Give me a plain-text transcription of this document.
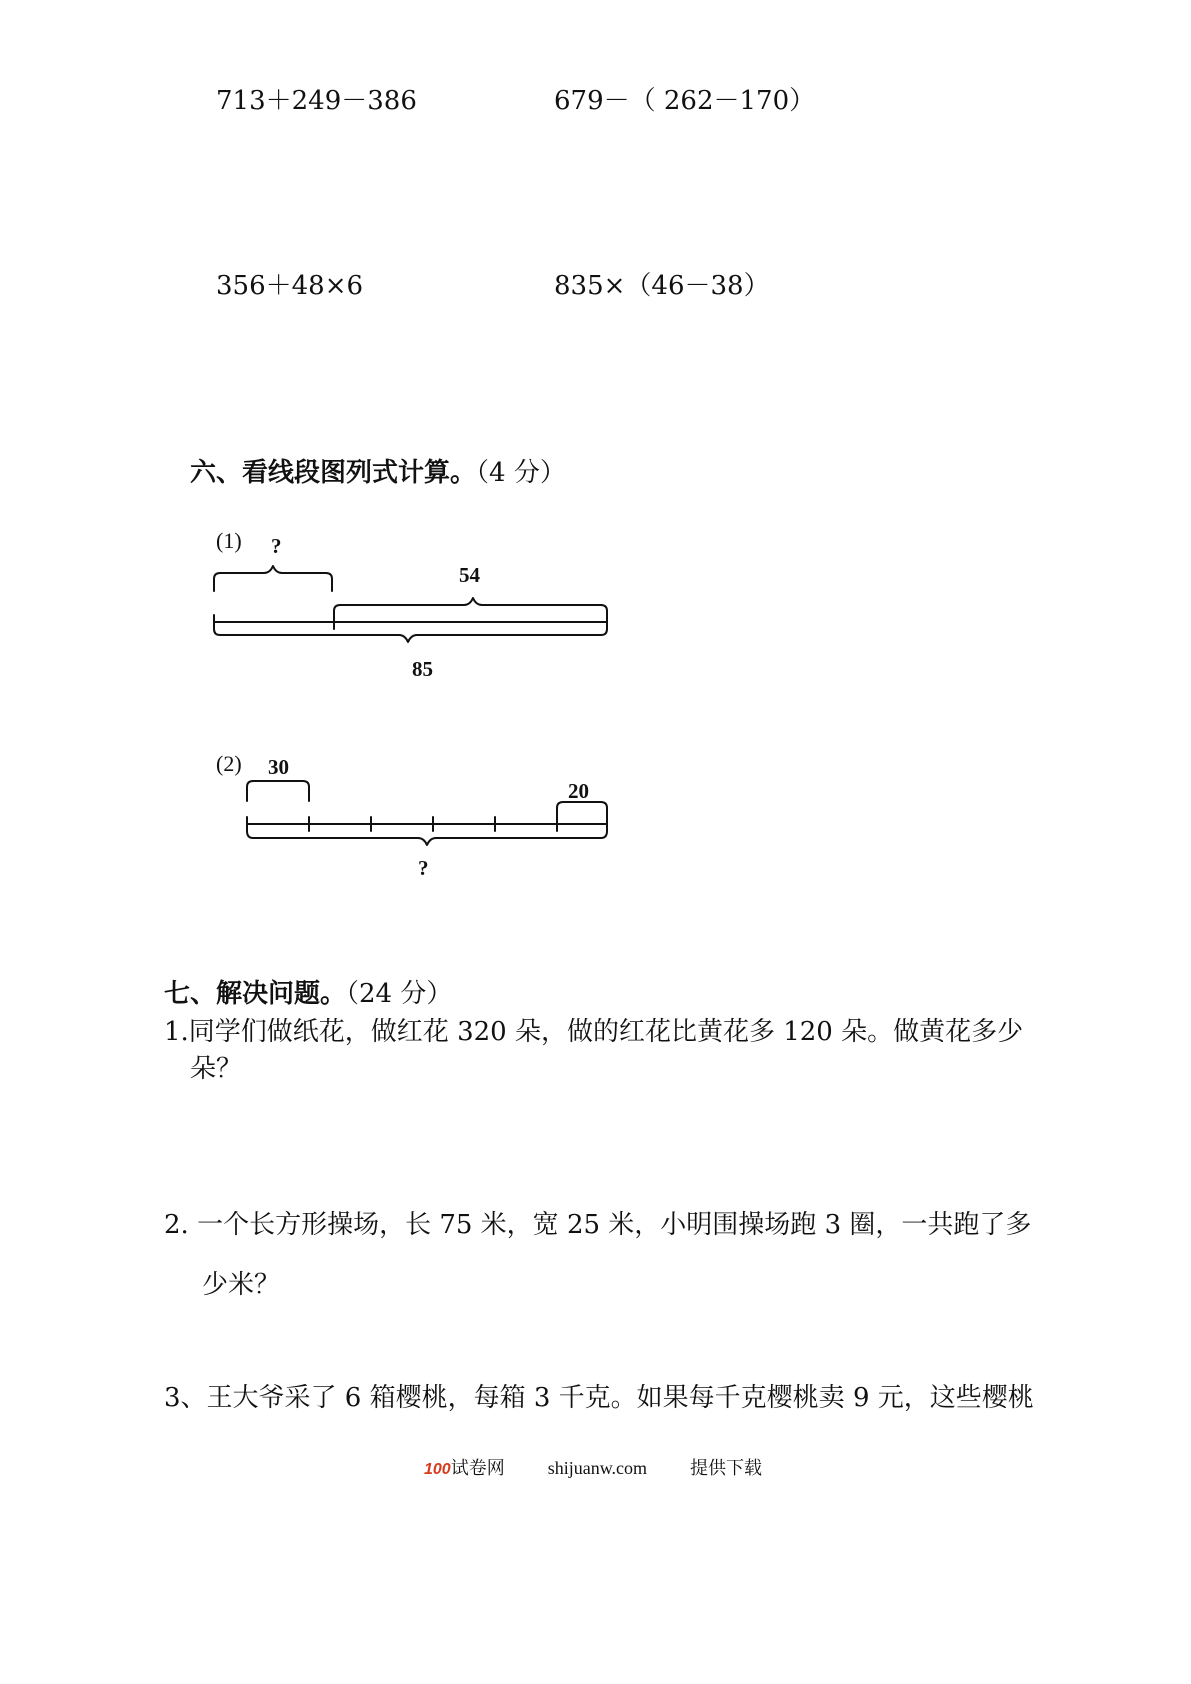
713＋249－386	679－（ 262－170）
356＋48×6	835×（46－38）
六、看线段图列式计算。（4 分）
(1) ?
54
85
(2) 30
20
?
七、解决问题。（24 分）
1.同学们做纸花，做红花 320 朵，做的红花比黄花多 120 朵。做黄花多少
朵？
2. 一个长方形操场，长 75 米，宽 25 米，小明围操场跑 3 圈，一共跑了多
少米？
3、王大爷采了 6 箱樱桃，每箱 3 千克。如果每千克樱桃卖 9 元，这些樱桃
100试卷网 shijuanw.com 提供下载
